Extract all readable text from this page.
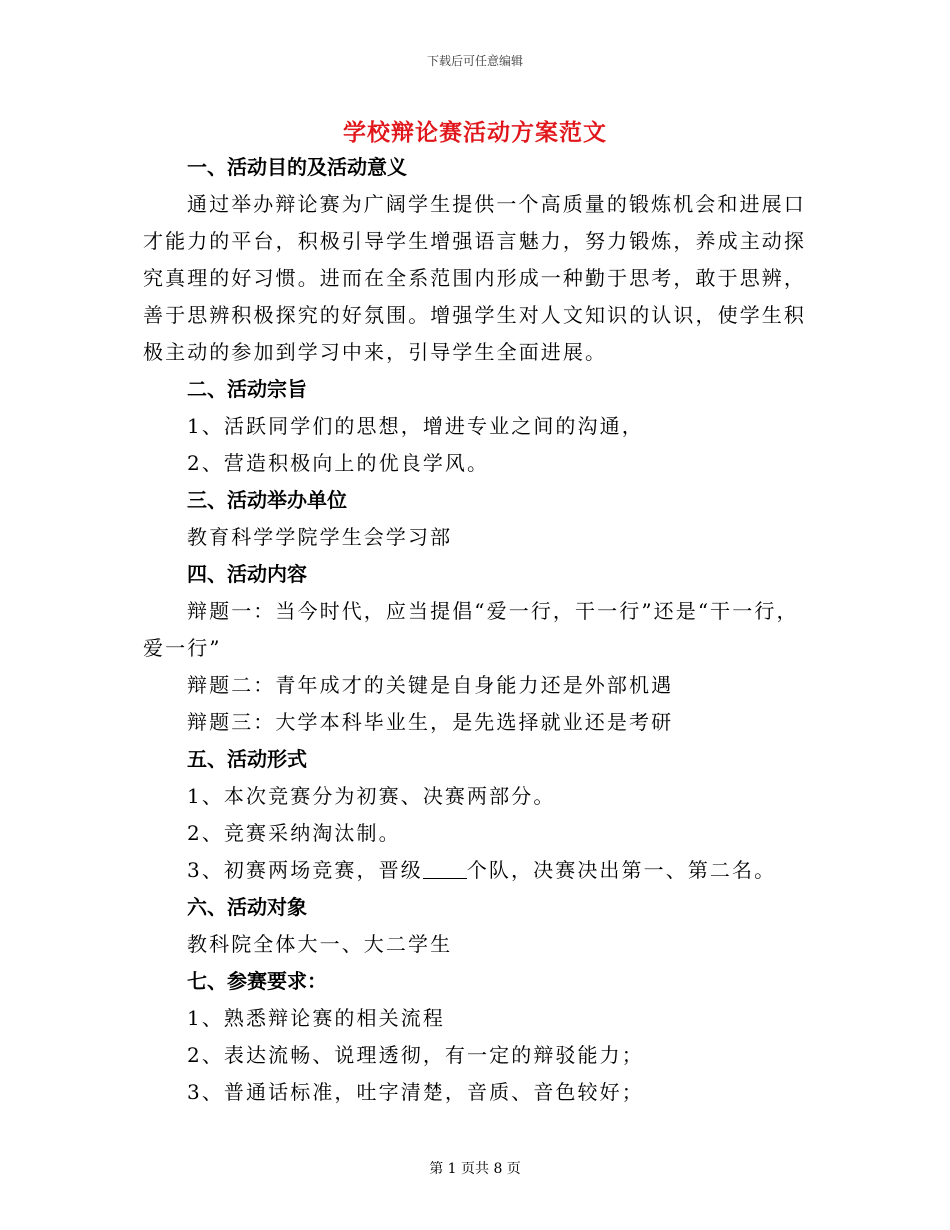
下载后可任意编辑
学校辩论赛活动方案范文

一、活动目的及活动意义

通过举办辩论赛为广阔学生提供一个高质量的锻炼机会和进展口才能力的平台，积极引导学生增强语言魅力，努力锻炼，养成主动探究真理的好习惯。进而在全系范围内形成一种勤于思考，敢于思辨，善于思辨积极探究的好氛围。增强学生对人文知识的认识，使学生积极主动的参加到学习中来，引导学生全面进展。

二、活动宗旨

1、活跃同学们的思想，增进专业之间的沟通，

2、营造积极向上的优良学风。

三、活动举办单位

教育科学学院学生会学习部

四、活动内容

辩题一：当今时代，应当提倡“爱一行，干一行”还是“干一行，爱一行”

辩题二：青年成才的关键是自身能力还是外部机遇

辩题三：大学本科毕业生，是先选择就业还是考研

五、活动形式

1、本次竞赛分为初赛、决赛两部分。

2、竞赛采纳淘汰制。

3、初赛两场竞赛，晋级 个队，决赛决出第一、第二名。

六、活动对象

教科院全体大一、大二学生

七、参赛要求：

1、熟悉辩论赛的相关流程

2、表达流畅、说理透彻，有一定的辩驳能力；

3、普通话标准，吐字清楚，音质、音色较好；

第 1 页共 8 页
